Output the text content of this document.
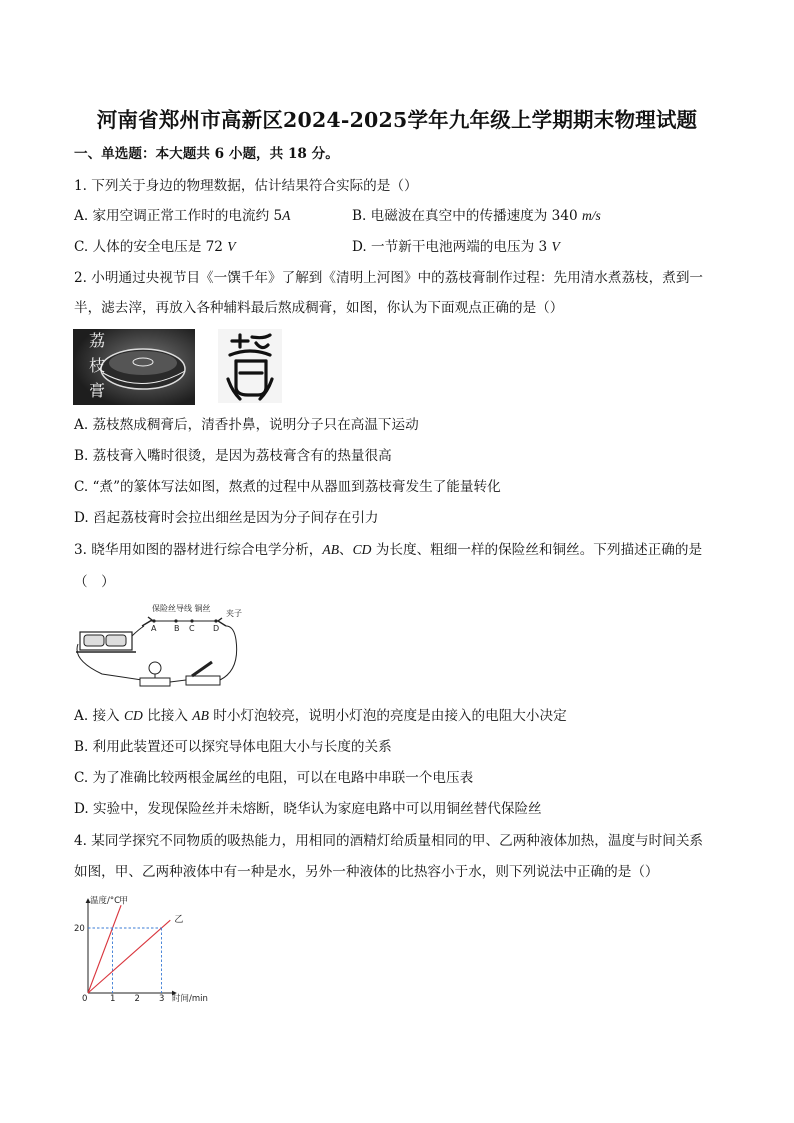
河南省郑州市高新区2024-2025学年九年级上学期期末物理试题
一、单选题：本大题共 6 小题，共 18 分。
1. 下列关于身边的物理数据，估计结果符合实际的是（）
A. 家用空调正常工作时的电流约 5A	B. 电磁波在真空中的传播速度为 340 m/s
C. 人体的安全电压是 72 V	D. 一节新干电池两端的电压为 3 V
2. 小明通过央视节目《一馔千年》了解到《清明上河图》中的荔枝膏制作过程：先用清水煮荔枝，煮到一
半，滤去滓，再放入各种辅料最后熬成稠膏，如图，你认为下面观点正确的是（）
荔
枝
膏
A. 荔枝熬成稠膏后，清香扑鼻，说明分子只在高温下运动
B. 荔枝膏入嘴时很烫，是因为荔枝膏含有的热量很高
C. “煮”的篆体写法如图，熬煮的过程中从器皿到荔枝膏发生了能量转化
D. 舀起荔枝膏时会拉出细丝是因为分子间存在引力
3. 晓华用如图的器材进行综合电学分析，AB、CD 为长度、粗细一样的保险丝和铜丝。下列描述正确的是
（　）
保险丝导线 铜丝
夹子
A B C D
A. 接入 CD 比接入 AB 时小灯泡较亮，说明小灯泡的亮度是由接入的电阻大小决定
B. 利用此装置还可以探究导体电阻大小与长度的关系
C. 为了准确比较两根金属丝的电阻，可以在电路中串联一个电压表
D. 实验中，发现保险丝并未熔断，晓华认为家庭电路中可以用铜丝替代保险丝
4. 某同学探究不同物质的吸热能力，用相同的酒精灯给质量相同的甲、乙两种液体加热，温度与时间关系
如图，甲、乙两种液体中有一种是水，另外一种液体的比热容小于水，则下列说法中正确的是（）
温度/°C
时间/min
0	1 2 3
20
甲
乙
